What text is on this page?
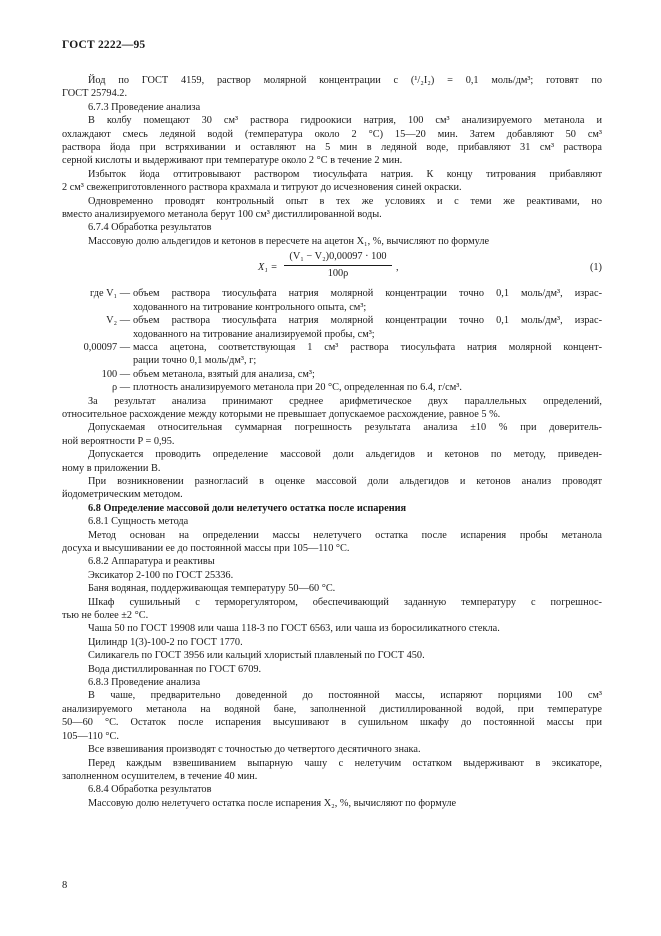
ГОСТ 2222—95

Йод по ГОСТ 4159, раствор молярной концентрации c (¹/₂I₂) = 0,1 моль/дм³; готовят по

ГОСТ 25794.2.

6.7.3 Проведение анализа

В колбу помещают 30 см³ раствора гидроокиси натрия, 100 см³ анализируемого метанола и

охлаждают смесь ледяной водой (температура около 2 °С) 15—20 мин. Затем добавляют 50 см³

раствора йода при встряхивании и оставляют на 5 мин в ледяной воде, прибавляют 31 см³ раствора

серной кислоты и выдерживают при температуре около 2 °С в течение 2 мин.

Избыток йода оттитровывают раствором тиосульфата натрия. К концу титрования прибавляют

2 см³ свежеприготовленного раствора крахмала и титруют до исчезновения синей окраски.

Одновременно проводят контрольный опыт в тех же условиях и с теми же реактивами, но

вместо анализируемого метанола берут 100 см³ дистиллированной воды.

6.7.4 Обработка результатов

Массовую долю альдегидов и кетонов в пересчете на ацетон X₁, %, вычисляют по формуле

$X_1 = \frac{\text{(V₁ − V₂)0,00097 · 100}}{100\rho}$ ,	(1)
где V₁ — объем раствора тиосульфата натрия молярной концентрации точно 0,1 моль/дм³, израс-

ходованного на титрование контрольного опыта, см³;

V₂ — объем раствора тиосульфата натрия молярной концентрации точно 0,1 моль/дм³, израс-

ходованного на титрование анализируемой пробы, см³;

0,00097 — масса ацетона, соответствующая 1 см³ раствора тиосульфата натрия молярной концент-

рации точно 0,1 моль/дм³, г;

100 — объем метанола, взятый для анализа, см³;

ρ — плотность анализируемого метанола при 20 °С, определенная по 6.4, г/см³.

За результат анализа принимают среднее арифметическое двух параллельных определений,

относительное расхождение между которыми не превышает допускаемое расхождение, равное 5 %.

Допускаемая относительная суммарная погрешность результата анализа ±10 % при доверитель-

ной вероятности P = 0,95.

Допускается проводить определение массовой доли альдегидов и кетонов по методу, приведен-

ному в приложении В.

При возникновении разногласий в оценке массовой доли альдегидов и кетонов анализ проводят

йодометрическим методом.

6.8 Определение массовой доли нелетучего остатка после испарения

6.8.1 Сущность метода

Метод основан на определении массы нелетучего остатка после испарения пробы метанола

досуха и высушивании ее до постоянной массы при 105—110 °С.

6.8.2 Аппаратура и реактивы

Эксикатор 2-100 по ГОСТ 25336.

Баня водяная, поддерживающая температуру 50—60 °С.

Шкаф сушильный с терморегулятором, обеспечивающий заданную температуру с погрешнос-

тью не более ±2 °С.

Чаша 50 по ГОСТ 19908 или чаша 118-3 по ГОСТ 6563, или чаша из боросиликатного стекла.

Цилиндр 1(3)-100-2 по ГОСТ 1770.

Силикагель по ГОСТ 3956 или кальций хлористый плавленый по ГОСТ 450.

Вода дистиллированная по ГОСТ 6709.

6.8.3 Проведение анализа

В чаше, предварительно доведенной до постоянной массы, испаряют порциями 100 см³

анализируемого метанола на водяной бане, заполненной дистиллированной водой, при температуре

50—60 °С. Остаток после испарения высушивают в сушильном шкафу до постоянной массы при

105—110 °С.

Все взвешивания производят с точностью до четвертого десятичного знака.

Перед каждым взвешиванием выпарную чашу с нелетучим остатком выдерживают в эксикаторе,

заполненном осушителем, в течение 40 мин.

6.8.4 Обработка результатов

Массовую долю нелетучего остатка после испарения X₂, %, вычисляют по формуле

8
